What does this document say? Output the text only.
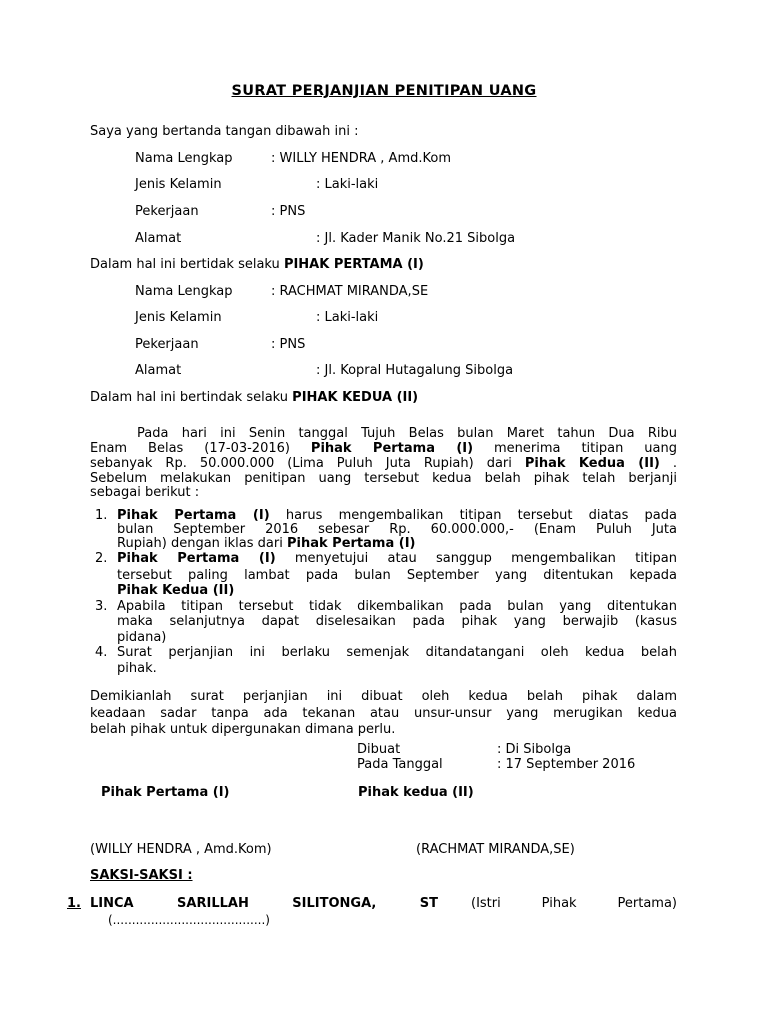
SURAT PERJANJIAN PENITIPAN UANG
Saya yang bertanda tangan dibawah ini :
Nama Lengkap	: WILLY HENDRA , Amd.Kom
Jenis Kelamin	: Laki-laki
Pekerjaan	: PNS
Alamat	: Jl. Kader Manik No.21 Sibolga
Dalam hal ini bertidak selaku PIHAK PERTAMA (I)
Nama Lengkap	: RACHMAT MIRANDA,SE
Jenis Kelamin	: Laki-laki
Pekerjaan	: PNS
Alamat	: Jl. Kopral Hutagalung Sibolga
Dalam hal ini bertindak selaku PIHAK KEDUA (II)
Pada hari ini Senin tanggal Tujuh Belas bulan Maret tahun Dua Ribu
Enam Belas (17-03-2016) Pihak Pertama (I) menerima titipan uang
sebanyak Rp. 50.000.000 (Lima Puluh Juta Rupiah) dari Pihak Kedua (II) .
Sebelum melakukan penitipan uang tersebut kedua belah pihak telah berjanji
sebagai berikut :
1. Pihak Pertama (I) harus mengembalikan titipan tersebut diatas pada
bulan September 2016 sebesar Rp. 60.000.000,- (Enam Puluh Juta
Rupiah) dengan iklas dari Pihak Pertama (I)
2. Pihak Pertama (I) menyetujui atau sanggup mengembalikan titipan
tersebut paling lambat pada bulan September yang ditentukan kepada
Pihak Kedua (II)
3. Apabila titipan tersebut tidak dikembalikan pada bulan yang ditentukan
maka selanjutnya dapat diselesaikan pada pihak yang berwajib (kasus
pidana)
4. Surat perjanjian ini berlaku semenjak ditandatangani oleh kedua belah
pihak.
Demikianlah surat perjanjian ini dibuat oleh kedua belah pihak dalam
keadaan sadar tanpa ada tekanan atau unsur-unsur yang merugikan kedua
belah pihak untuk dipergunakan dimana perlu.
Dibuat	: Di Sibolga
Pada Tanggal	: 17 September 2016
Pihak Pertama (I)	Pihak kedua (II)
(WILLY HENDRA , Amd.Kom)	(RACHMAT MIRANDA,SE)
SAKSI-SAKSI :
1. LINCA SARILLAH SILITONGA, ST	(Istri Pihak Pertama)
(........................................)
